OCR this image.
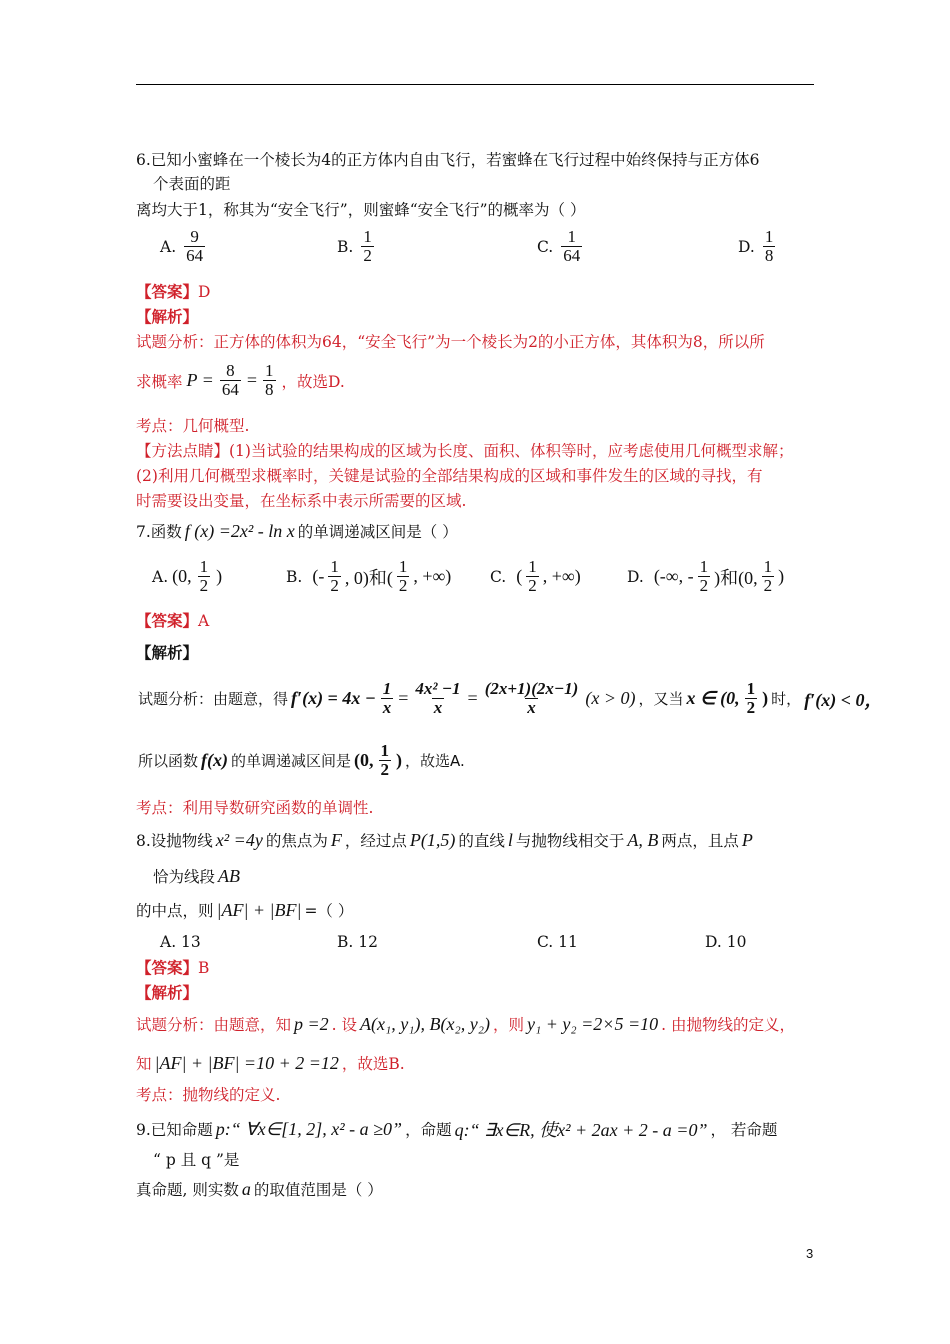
6.已知小蜜蜂在一个棱长为4的正方体内自由飞行，若蜜蜂在飞行过程中始终保持与正方体6
个表面的距
离均大于1，称其为“安全飞行”，则蜜蜂“安全飞行”的概率为（ ）
A. $\frac{9}{64}$	B. $\frac{1}{2}$	C. $\frac{1}{64}$	D. $\frac{1}{8}$
【答案】D
【解析】
试题分析：正方体的体积为64，“安全飞行”为一个棱长为2的小正方体，其体积为8，所以所
求概率 $P = \frac{8}{64} = \frac{1}{8}$ ，故选D.
考点：几何概型.
【方法点睛】(1)当试验的结果构成的区域为长度、面积、体积等时，应考虑使用几何概型求解；
(2)利用几何概型求概率时，关键是试验的全部结果构成的区域和事件发生的区域的寻找，有
时需要设出变量，在坐标系中表示所需要的区域.
7.函数 f (x) =2x² - ln x 的单调递减区间是（ ）
A. (0, $\frac{1}{2}$ )	B. (- $\frac{1}{2}$ , 0)和( $\frac{1}{2}$ , +∞) C. ( $\frac{1}{2}$ , +∞)	D. (-∞, - $\frac{1}{2}$ )和(0, $\frac{1}{2}$ )
【答案】A
【解析】
试题分析：由题意，得 $f'(x) = 4x - \frac{1}{x} = \frac{\text{4x² −1}}{x} = \frac{(2x+1)(2x-1)}{x} (x > 0)$ ，又当 x ∈ (0, $\frac{1}{2}$ ) 时， f′(x) < 0，
所以函数 f(x) 的单调递减区间是 (0, $\frac{1}{2}$ ) ，故选A.
考点：利用导数研究函数的单调性.
8.设抛物线 x² =4y 的焦点为 F ，经过点 P(1,5) 的直线 l 与抛物线相交于 A, B 两点，且点 P
恰为线段 AB
的中点，则 |AF| + |BF| =（ ）
A. 13	B. 12	C. 11	D. 10
【答案】B
【解析】
试题分析：由题意，知 p =2 . 设 A(x₁, y₁), B(x₂, y₂) ，则 y₁ + y₂ =2×5 =10 . 由抛物线的定义，
知 |AF| + |BF| =10 + 2 =12 ，故选B.
考点：抛物线的定义.
9.已知命题 p:“ ∀x∈[1, 2], x² - a ≥0” ，命题 q:“ ∃x∈R, 使x² + 2ax + 2 - a =0” ， 若命题
“ p 且 q ”是
真命题, 则实数 a 的取值范围是（ ）
3
